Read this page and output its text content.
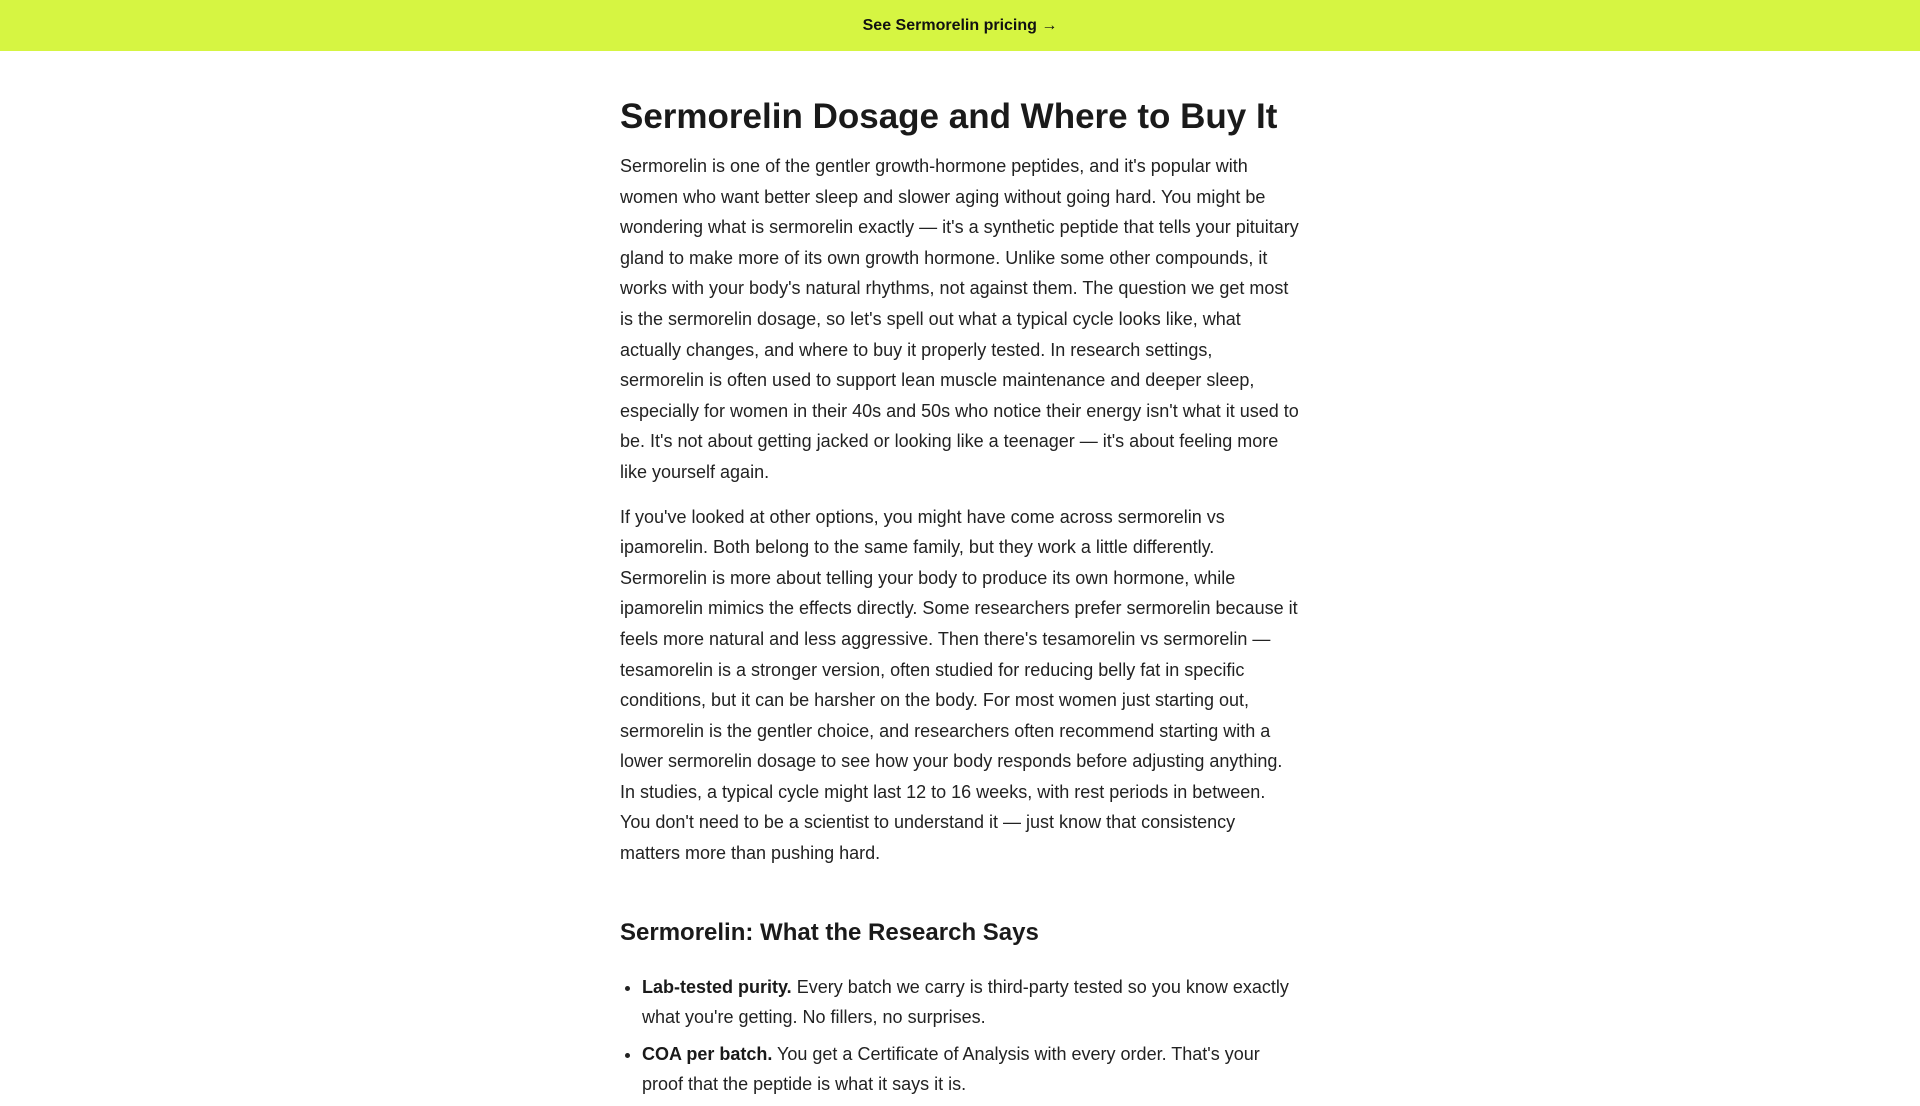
See Sermorelin pricing →
Sermorelin Dosage and Where to Buy It

Sermorelin is one of the gentler growth-hormone peptides, and it's popular with women who want better sleep and slower aging without going hard. You might be wondering what is sermorelin exactly — it's a synthetic peptide that tells your pituitary gland to make more of its own growth hormone. Unlike some other compounds, it works with your body's natural rhythms, not against them. The question we get most is the sermorelin dosage, so let's spell out what a typical cycle looks like, what actually changes, and where to buy it properly tested. In research settings, sermorelin is often used to support lean muscle maintenance and deeper sleep, especially for women in their 40s and 50s who notice their energy isn't what it used to be. It's not about getting jacked or looking like a teenager — it's about feeling more like yourself again.

If you've looked at other options, you might have come across sermorelin vs ipamorelin. Both belong to the same family, but they work a little differently. Sermorelin is more about telling your body to produce its own hormone, while ipamorelin mimics the effects directly. Some researchers prefer sermorelin because it feels more natural and less aggressive. Then there's tesamorelin vs sermorelin — tesamorelin is a stronger version, often studied for reducing belly fat in specific conditions, but it can be harsher on the body. For most women just starting out, sermorelin is the gentler choice, and researchers often recommend starting with a lower sermorelin dosage to see how your body responds before adjusting anything. In studies, a typical cycle might last 12 to 16 weeks, with rest periods in between. You don't need to be a scientist to understand it — just know that consistency matters more than pushing hard.

Sermorelin: What the Research Says
• Lab-tested purity. Every batch we carry is third-party tested so you know exactly what you're getting. No fillers, no surprises.
• COA per batch. You get a Certificate of Analysis with every order. That's your proof that the peptide is what it says it is.
